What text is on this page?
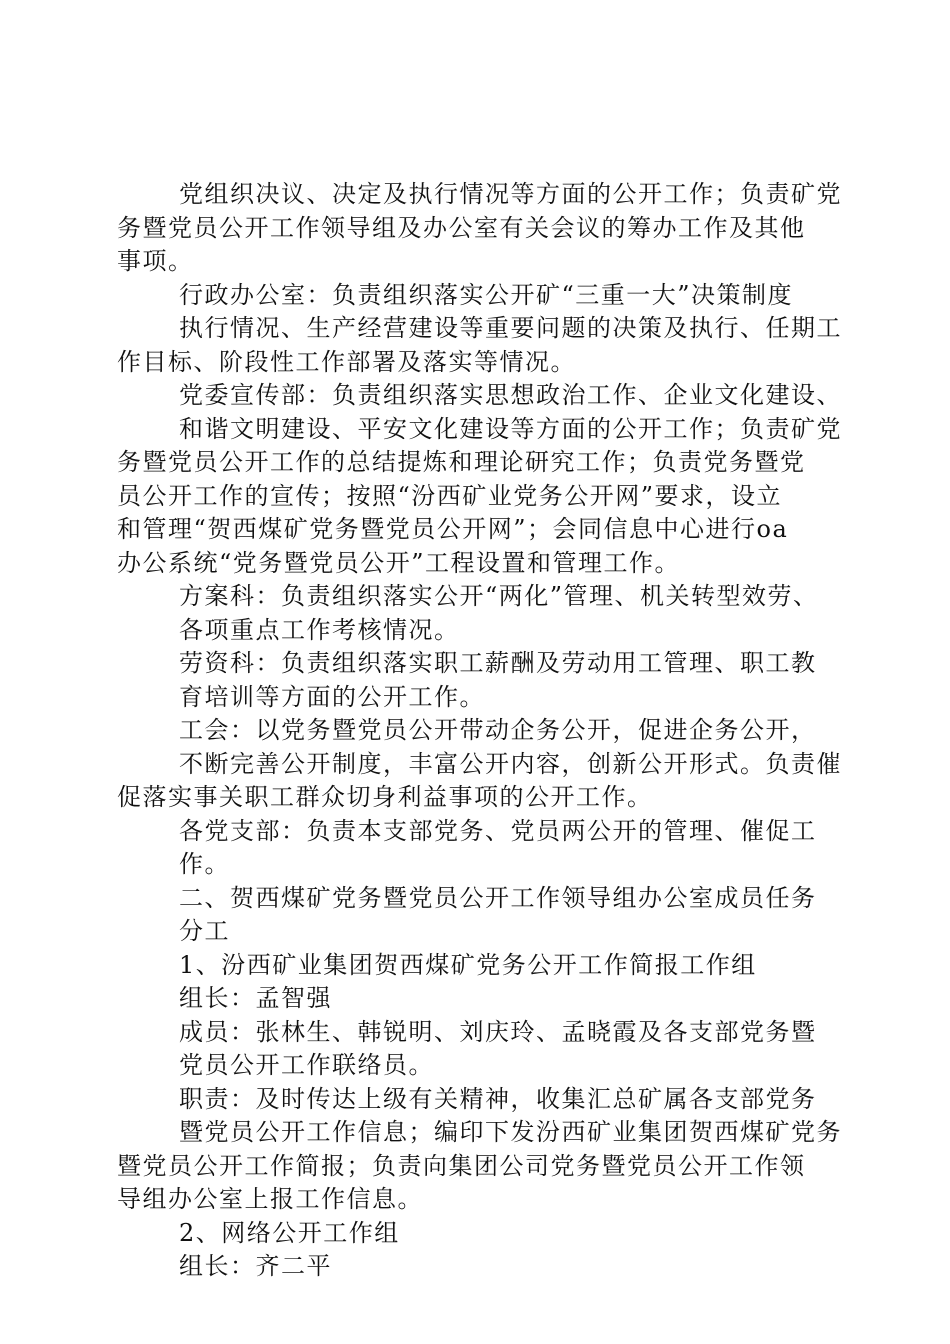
党组织决议、决定及执行情况等方面的公开工作；负责矿党
务暨党员公开工作领导组及办公室有关会议的筹办工作及其他
事项。
行政办公室：负责组织落实公开矿“三重一大”决策制度
执行情况、生产经营建设等重要问题的决策及执行、任期工
作目标、阶段性工作部署及落实等情况。
党委宣传部：负责组织落实思想政治工作、企业文化建设、
和谐文明建设、平安文化建设等方面的公开工作；负责矿党
务暨党员公开工作的总结提炼和理论研究工作；负责党务暨党
员公开工作的宣传；按照“汾西矿业党务公开网”要求，设立
和管理“贺西煤矿党务暨党员公开网”；会同信息中心进行oa
办公系统“党务暨党员公开”工程设置和管理工作。
方案科：负责组织落实公开“两化”管理、机关转型效劳、
各项重点工作考核情况。
劳资科：负责组织落实职工薪酬及劳动用工管理、职工教
育培训等方面的公开工作。
工会：以党务暨党员公开带动企务公开，促进企务公开，
不断完善公开制度，丰富公开内容，创新公开形式。负责催
促落实事关职工群众切身利益事项的公开工作。
各党支部：负责本支部党务、党员两公开的管理、催促工
作。
二、贺西煤矿党务暨党员公开工作领导组办公室成员任务
分工
1、汾西矿业集团贺西煤矿党务公开工作简报工作组
组长：孟智强
成员：张林生、韩锐明、刘庆玲、孟晓霞及各支部党务暨
党员公开工作联络员。
职责：及时传达上级有关精神，收集汇总矿属各支部党务
暨党员公开工作信息；编印下发汾西矿业集团贺西煤矿党务
暨党员公开工作简报；负责向集团公司党务暨党员公开工作领
导组办公室上报工作信息。
2、网络公开工作组
组长：齐二平
